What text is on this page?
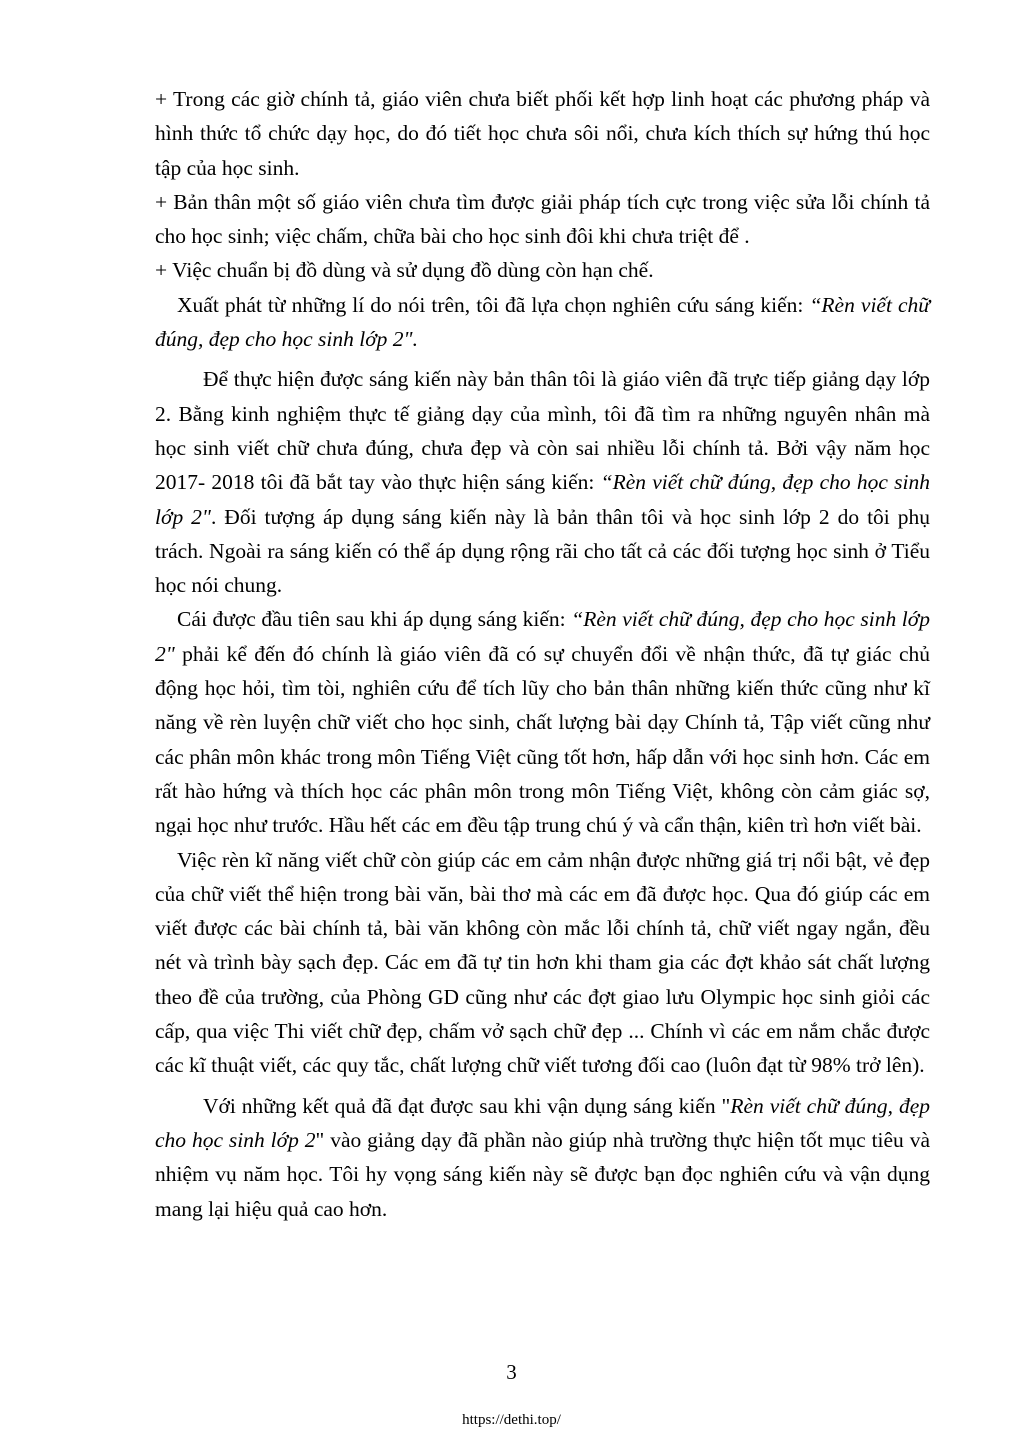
+ Trong các giờ chính tả, giáo viên chưa biết phối kết hợp linh hoạt các phương pháp và hình thức tổ chức dạy học, do đó tiết học chưa sôi nổi, chưa kích thích sự hứng thú học tập của học sinh.

+ Bản thân một số giáo viên chưa tìm được giải pháp tích cực trong việc sửa lỗi chính tả cho học sinh; việc chấm, chữa bài cho học sinh đôi khi chưa triệt để .

+ Việc chuẩn bị đồ dùng và sử dụng đồ dùng còn hạn chế.

Xuất phát từ những lí do nói trên, tôi đã lựa chọn nghiên cứu sáng kiến: “Rèn viết chữ đúng, đẹp cho học sinh lớp 2".

Để thực hiện được sáng kiến này bản thân tôi là giáo viên đã trực tiếp giảng dạy lớp 2. Bằng kinh nghiệm thực tế giảng dạy của mình, tôi đã tìm ra những nguyên nhân mà học sinh viết chữ chưa đúng, chưa đẹp và còn sai nhiều lỗi chính tả. Bởi vậy năm học 2017- 2018 tôi đã bắt tay vào thực hiện sáng kiến: “Rèn viết chữ đúng, đẹp cho học sinh lớp 2". Đối tượng áp dụng sáng kiến này là bản thân tôi và học sinh lớp 2 do tôi phụ trách. Ngoài ra sáng kiến có thể áp dụng rộng rãi cho tất cả các đối tượng học sinh ở Tiểu học nói chung.

Cái được đầu tiên sau khi áp dụng sáng kiến: “Rèn viết chữ đúng, đẹp cho học sinh lớp 2" phải kể đến đó chính là giáo viên đã có sự chuyển đổi về nhận thức, đã tự giác chủ động học hỏi, tìm tòi, nghiên cứu để tích lũy cho bản thân những kiến thức cũng như kĩ năng về rèn luyện chữ viết cho học sinh, chất lượng bài dạy Chính tả, Tập viết cũng như các phân môn khác trong môn Tiếng Việt cũng tốt hơn, hấp dẫn với học sinh hơn. Các em rất hào hứng và thích học các phân môn trong môn Tiếng Việt, không còn cảm giác sợ, ngại học như trước. Hầu hết các em đều tập trung chú ý và cẩn thận, kiên trì hơn viết bài.

Việc rèn kĩ năng viết chữ còn giúp các em cảm nhận được những giá trị nổi bật, vẻ đẹp của chữ viết thể hiện trong bài văn, bài thơ mà các em đã được học. Qua đó giúp các em viết được các bài chính tả, bài văn không còn mắc lỗi chính tả, chữ viết ngay ngắn, đều nét và trình bày sạch đẹp. Các em đã tự tin hơn khi tham gia các đợt khảo sát chất lượng theo đề của trường, của Phòng GD cũng như các đợt giao lưu Olympic học sinh giỏi các cấp, qua việc Thi viết chữ đẹp, chấm vở sạch chữ đẹp ... Chính vì các em nắm chắc được các kĩ thuật viết, các quy tắc, chất lượng chữ viết tương đối cao (luôn đạt từ 98% trở lên).

Với những kết quả đã đạt được sau khi vận dụng sáng kiến "Rèn viết chữ đúng, đẹp cho học sinh lớp 2" vào giảng dạy đã phần nào giúp nhà trường thực hiện tốt mục tiêu và nhiệm vụ năm học. Tôi hy vọng sáng kiến này sẽ được bạn đọc nghiên cứu và vận dụng mang lại hiệu quả cao hơn.

3
https://dethi.top/
